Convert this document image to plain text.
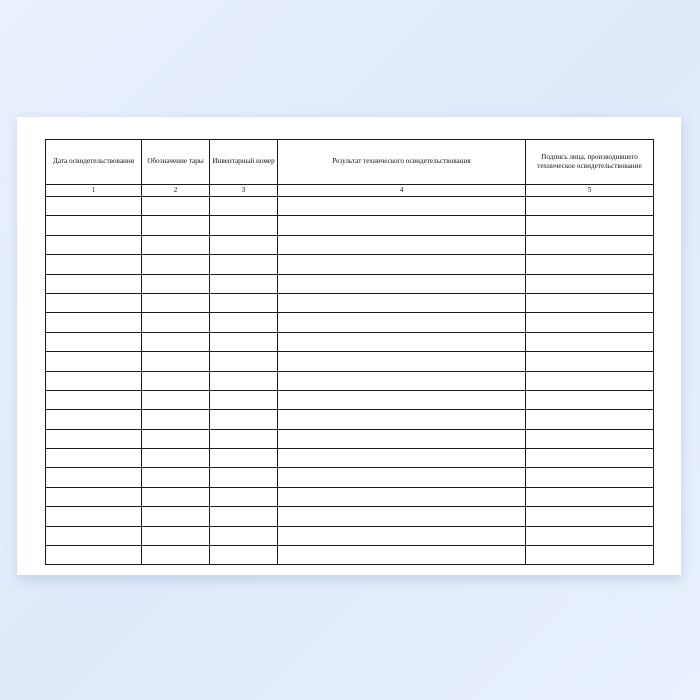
Дата освидетельствования	Обозначение тары	Инвентарный номер	Результат технического освидетельствования	Подпись лица, производившего техническое освидетельствование
1	2	3	4	5
